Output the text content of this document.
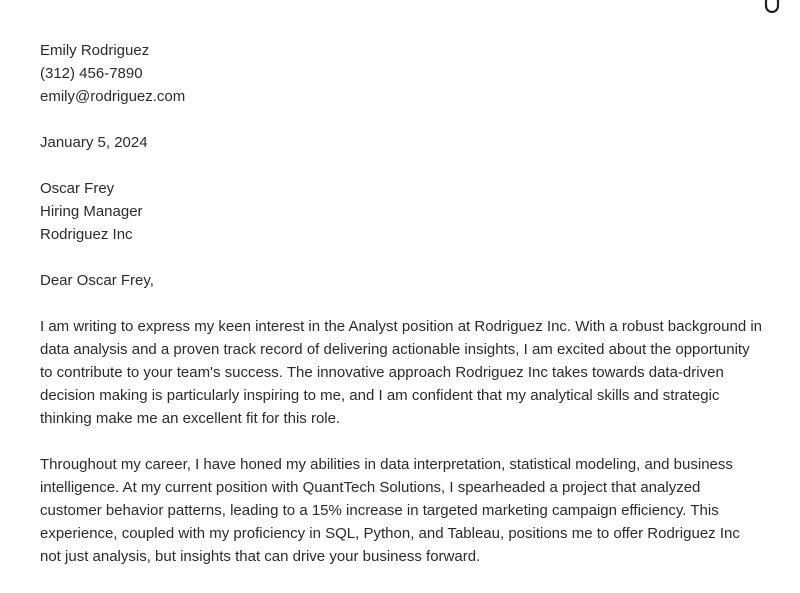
Emily Rodriguez
(312) 456-7890
emily@rodriguez.com
January 5, 2024
Oscar Frey
Hiring Manager
Rodriguez Inc
Dear Oscar Frey,

I am writing to express my keen interest in the Analyst position at Rodriguez Inc. With a robust background in data analysis and a proven track record of delivering actionable insights, I am excited about the opportunity to contribute to your team's success. The innovative approach Rodriguez Inc takes towards data-driven decision making is particularly inspiring to me, and I am confident that my analytical skills and strategic thinking make me an excellent fit for this role.

Throughout my career, I have honed my abilities in data interpretation, statistical modeling, and business intelligence. At my current position with QuantTech Solutions, I spearheaded a project that analyzed customer behavior patterns, leading to a 15% increase in targeted marketing campaign efficiency. This experience, coupled with my proficiency in SQL, Python, and Tableau, positions me to offer Rodriguez Inc not just analysis, but insights that can drive your business forward.
